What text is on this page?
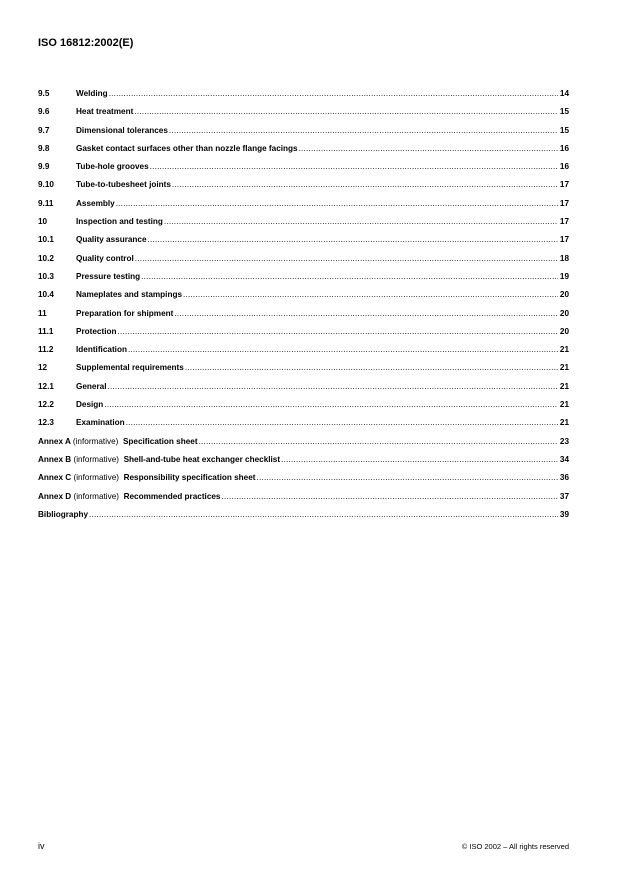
ISO 16812:2002(E)
9.5	Welding .....	14
9.6	Heat treatment .....	15
9.7	Dimensional tolerances .....	15
9.8	Gasket contact surfaces other than nozzle flange facings .....	16
9.9	Tube-hole grooves .....	16
9.10	Tube-to-tubesheet joints .....	17
9.11	Assembly .....	17
10	Inspection and testing .....	17
10.1	Quality assurance .....	17
10.2	Quality control .....	18
10.3	Pressure testing .....	19
10.4	Nameplates and stampings .....	20
11	Preparation for shipment .....	20
11.1	Protection .....	20
11.2	Identification .....	21
12	Supplemental requirements .....	21
12.1	General .....	21
12.2	Design .....	21
12.3	Examination .....	21
Annex A (informative) Specification sheet .....	23
Annex B (informative) Shell-and-tube heat exchanger checklist .....	34
Annex C (informative) Responsibility specification sheet .....	36
Annex D (informative) Recommended practices .....	37
Bibliography .....	39
iv	© ISO 2002 – All rights reserved
